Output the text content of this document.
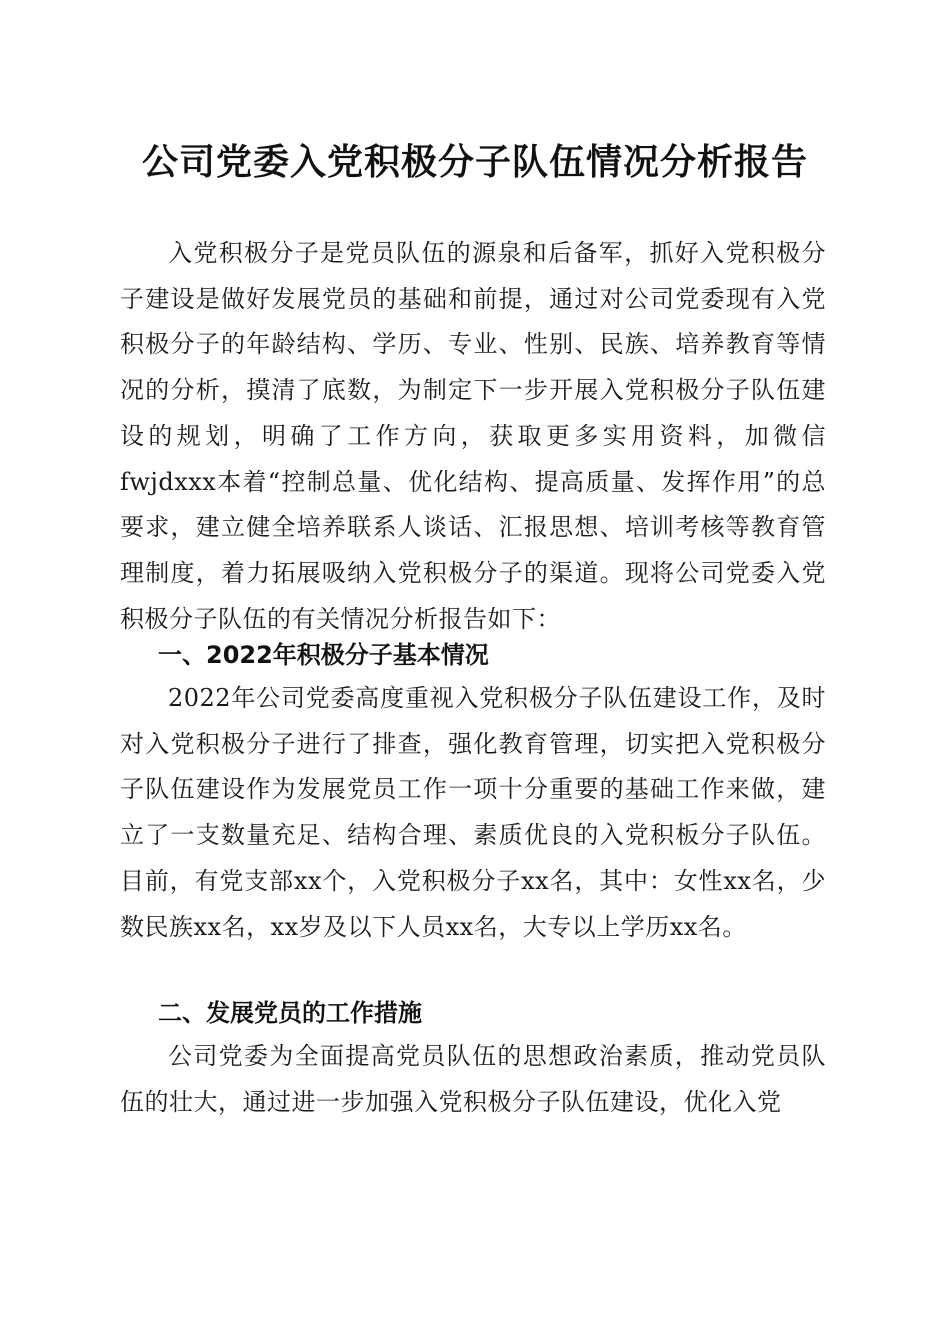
公司党委入党积极分子队伍情况分析报告

入党积极分子是党员队伍的源泉和后备军，抓好入党积极分子建设是做好发展党员的基础和前提，通过对公司党委现有入党积极分子的年龄结构、学历、专业、性别、民族、培养教育等情况的分析，摸清了底数，为制定下一步开展入党积极分子队伍建设的规划，明确了工作方向，获取更多实用资料，加微信fwjdxxx本着“控制总量、优化结构、提高质量、发挥作用”的总要求，建立健全培养联系人谈话、汇报思想、培训考核等教育管理制度，着力拓展吸纳入党积极分子的渠道。现将公司党委入党积极分子队伍的有关情况分析报告如下：

一、2022年积极分子基本情况

2022年公司党委高度重视入党积极分子队伍建设工作，及时对入党积极分子进行了排查，强化教育管理，切实把入党积极分子队伍建设作为发展党员工作一项十分重要的基础工作来做，建立了一支数量充足、结构合理、素质优良的入党积板分子队伍。目前，有党支部xx个，入党积极分子xx名，其中：女性xx名，少数民族xx名，xx岁及以下人员xx名，大专以上学历xx名。

二、发展党员的工作措施

公司党委为全面提高党员队伍的思想政治素质，推动党员队伍的壮大，通过进一步加强入党积极分子队伍建设，优化入党
